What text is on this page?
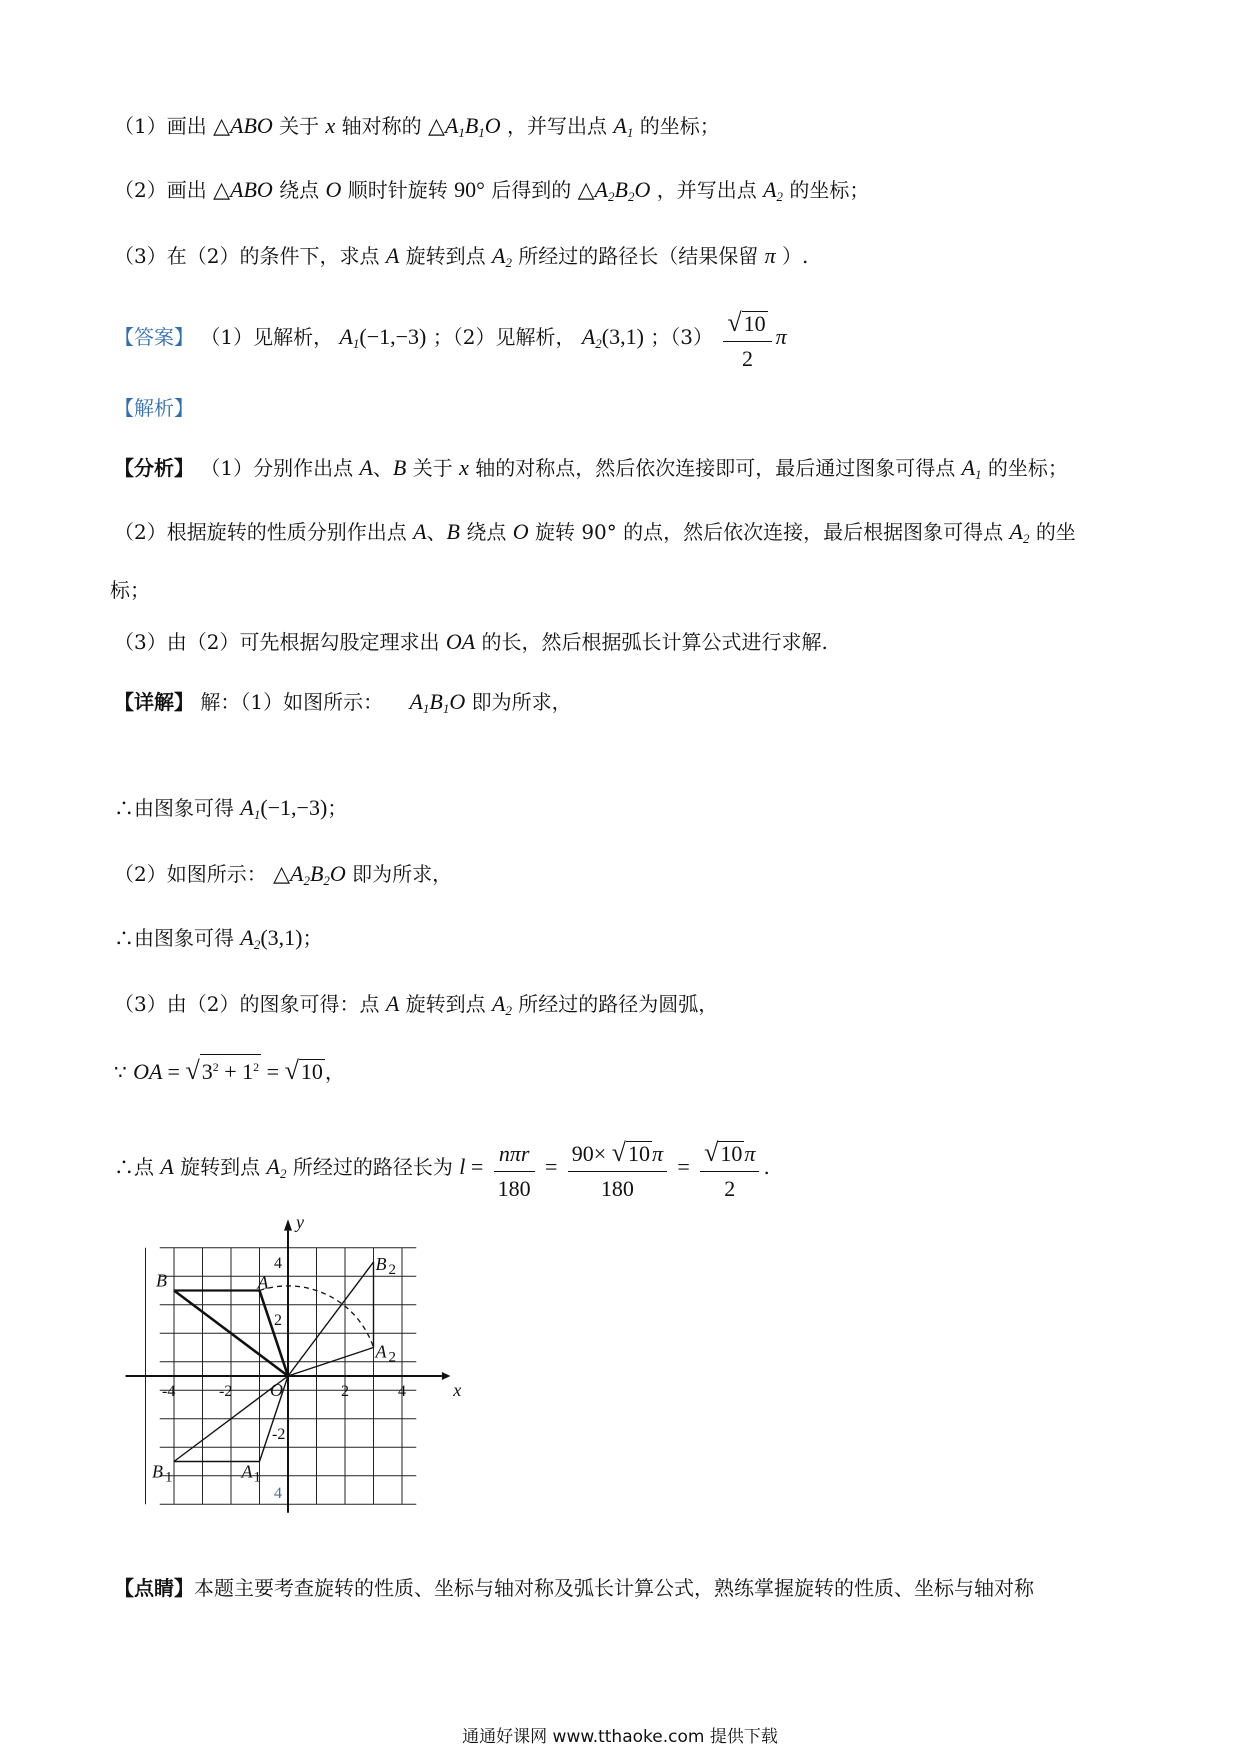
（1）画出 △ABO 关于 x 轴对称的 $\triangle A_1B_1O$ ，并写出点 $A_1$ 的坐标；
（2）画出 △ABO 绕点 O 顺时针旋转 90° 后得到的 $\triangle A_2B_2O$ ，并写出点 $A_2$ 的坐标；
（3）在（2）的条件下，求点 A 旋转到点 $A_2$ 所经过的路径长（结果保留 π ）.
【答案】 （1）见解析， $A_1(-1,-3)$ ；（2）见解析， $A_2(3,1)$ ；$(3) \frac{√10}{2}$ π
【解析】
【分析】 （1）分别作出点 A、B 关于 x 轴的对称点，然后依次连接即可，最后通过图象可得点 $A_1$ 的坐标；
（2）根据旋转的性质分别作出点 A、B 绕点 O 旋转 90° 的点，然后依次连接，最后根据图象可得点 $A_2$ 的坐
标；
（3）由（2）可先根据勾股定理求出 OA 的长，然后根据弧长计算公式进行求解.
【详解】 解：（1）如图所示： $A_1B_1O$ 即为所求，
∴由图象可得 $A_1(-1,-3)$；
（2）如图所示： $\triangle A_2B_2O$ 即为所求，
∴由图象可得 $A_2(3,1)$；
（3）由（2）的图象可得：点 A 旋转到点 $A_2$ 所经过的路径为圆弧，
∵ OA = $√3^2 + 1^2 = √10$ ，
∴点 A 旋转到点 $A_2$ 所经过的路径长为 $l = \frac{\text{nπr}}{180} = \frac{90\times √10\pi}{180} = \frac{√10\pi}{2}$ .
x
y
O
-4	-2	2	4
4
2
-2
4
B	A
B 2
A 2
B 1	A 1
【点睛】本题主要考查旋转的性质、坐标与轴对称及弧长计算公式，熟练掌握旋转的性质、坐标与轴对称
通通好课网 www.tthaoke.com 提供下载
